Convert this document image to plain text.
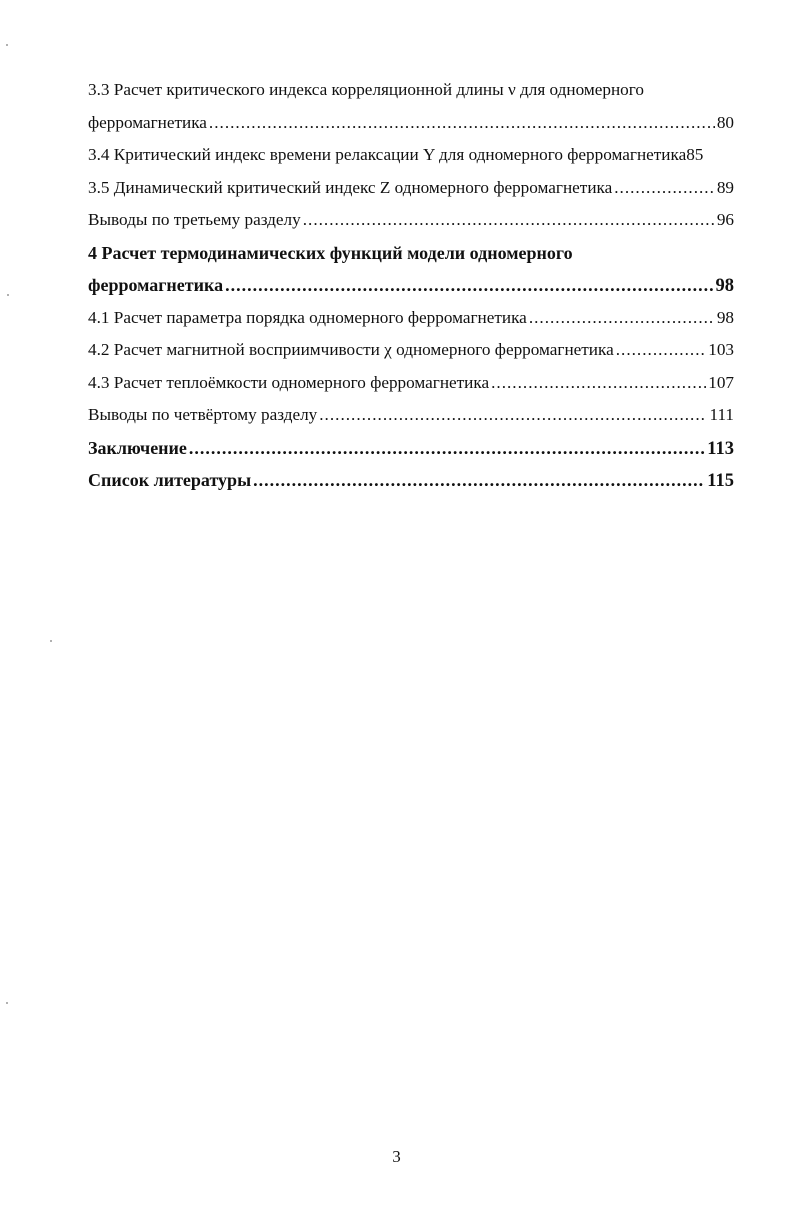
3.3 Расчет критического индекса корреляционной длины ν для одномерного
ферромагнетика .....	80
3.4 Критический индекс времени релаксации Υ для одномерного ферромагнетика 85
3.5 Динамический критический индекс Z одномерного ферромагнетика .....	89
Выводы по третьему разделу .....	96
4 Расчет термодинамических функций модели одномерного
ферромагнетика .....	98
4.1 Расчет параметра порядка одномерного ферромагнетика .....	98
4.2 Расчет магнитной восприимчивости χ одномерного ферромагнетика .....	103
4.3 Расчет теплоёмкости одномерного ферромагнетика .....	107
Выводы по четвёртому разделу .....	111
Заключение .....	113
Список литературы .....	115
3
